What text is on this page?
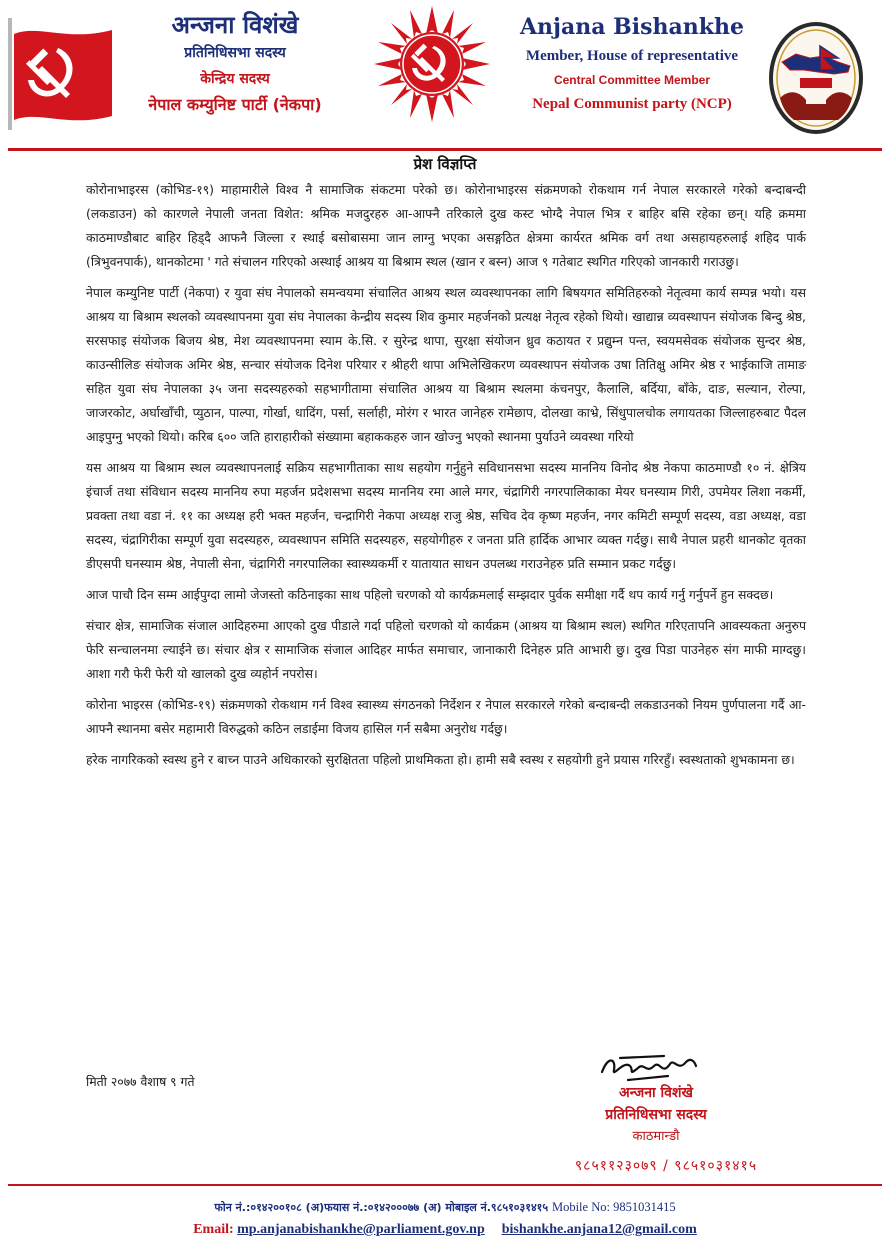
अन्जना विशंखे
प्रतिनिधिसभा सदस्य
केन्द्रिय सदस्य
नेपाल कम्युनिष्ट पार्टी (नेकपा)
Anjana Bishankhe
Member, House of representative
Central Committee Member
Nepal Communist party (NCP)
प्रेश विज्ञप्ति

कोरोनाभाइरस (कोभिड-१९) माहामारीले विश्व नै सामाजिक संकटमा परेको छ। कोरोनाभाइरस संक्रमणको रोकथाम गर्न नेपाल सरकारले गरेको बन्दाबन्दी (लकडाउन) को कारणले नेपाली जनता विशेत: श्रमिक मजदुरहरु आ-आफ्नै तरिकाले दुख कस्ट भोग्दै नेपाल भित्र र बाहिर बसि रहेका छन्। यहि क्रममा काठमाण्डौबाट बाहिर हिड्दै आफनै जिल्ला र स्थाई बसोबासमा जान लाग्नु भएका असङ्गठित क्षेत्रमा कार्यरत श्रमिक वर्ग तथा असहायहरुलाई शहिद पार्क (त्रिभुवनपार्क), थानकोटमा ' गते संचालन गरिएको अस्थाई आश्रय या बिश्राम स्थल (खान र बस्न) आज ९ गतेबाट स्थगित गरिएको जानकारी गराउछु।

नेपाल कम्युनिष्ट पार्टी (नेकपा) र युवा संघ नेपालको समन्वयमा संचालित आश्रय स्थल व्यवस्थापनका लागि बिषयगत समितिहरुको नेतृत्वमा कार्य सम्पन्न भयो। यस आश्रय या बिश्राम स्थलको व्यवस्थापनमा युवा संघ नेपालका केन्द्रीय सदस्य शिव कुमार महर्जनको प्रत्यक्ष नेतृत्व रहेको थियो। खाद्यान्न व्यवस्थापन संयोजक बिन्दु श्रेष्ठ, सरसफाइ संयोजक बिजय श्रेष्ठ, मेश व्यवस्थापनमा स्याम के.सि. र सुरेन्द्र थापा, सुरक्षा संयोजन ध्रुव कठायत र प्रद्युम्न पन्त, स्वयमसेवक संयोजक सुन्दर श्रेष्ठ, काउन्सीलिङ संयोजक अमिर श्रेष्ठ, सन्चार संयोजक दिनेश परियार र श्रीहरी थापा अभिलेखिकरण व्यवस्थापन संयोजक उषा तितिक्षु अमिर श्रेष्ठ र भाईकाजि तामाङ सहित युवा संघ नेपालका ३५ जना सदस्यहरुको सहभागीतामा संचालित आश्रय या बिश्राम स्थलमा कंचनपुर, कैलालि, बर्दिया, बाँके, दाङ, सल्यान, रोल्पा, जाजरकोट, अर्घाखाँची, प्युठान, पाल्पा, गोर्खा, धादिंग, पर्सा, सर्लाही, मोरंग र भारत जानेहरु रामेछाप, दोलखा काभ्रे, सिंधुपालचोक लगायतका जिल्लाहरुबाट पैदल आइपुग्नु भएको थियो। करिब ६०० जति हाराहारीको संख्यामा बहाककहरु जान खोज्नु भएको स्थानमा पुर्याउने व्यवस्था गरियो

यस आश्रय या बिश्राम स्थल व्यवस्थापनलाई सक्रिय सहभागीताका साथ सहयोग गर्नुहुने सविधानसभा सदस्य माननिय विनोद श्रेष्ठ नेकपा काठमाण्डौ १० नं. क्षेत्रिय इंचार्ज तथा संविधान सदस्य माननिय रुपा महर्जन प्रदेशसभा सदस्य माननिय रमा आले मगर, चंद्रागिरी नगरपालिकाका मेयर घनस्याम गिरी, उपमेयर लिशा नकर्मी, प्रवक्ता तथा वडा नं. ११ का अध्यक्ष हरी भक्त महर्जन, चन्द्रागिरी नेकपा अध्यक्ष राजु श्रेष्ठ, सचिव देव कृष्ण महर्जन, नगर कमिटी सम्पूर्ण सदस्य, वडा अध्यक्ष, वडा सदस्य, चंद्रागिरीका सम्पूर्ण युवा सदस्यहरु, व्यवस्थापन समिति सदस्यहरु, सहयोगीहरु र जनता प्रति हार्दिक आभार व्यक्त गर्दछु। साथै नेपाल प्रहरी थानकोट वृतका डीएसपी घनस्याम श्रेष्ठ, नेपाली सेना, चंद्रागिरी नगरपालिका स्वास्थ्यकर्मी र यातायात साधन उपलब्ध गराउनेहरु प्रति सम्मान प्रकट गर्दछु।

आज पाचौ दिन सम्म आईपुग्दा लामो जेजस्तो कठिनाइका साथ पहिलो चरणको यो कार्यक्रमलाई सम्झदार पुर्वक समीक्षा गर्दै थप कार्य गर्नु गर्नुपर्ने हुन सक्दछ।

संचार क्षेत्र, सामाजिक संजाल आदिहरुमा आएको दुख पीडाले गर्दा पहिलो चरणको यो कार्यक्रम (आश्रय या बिश्राम स्थल) स्थगित गरिएतापनि आवस्यकता अनुरुप फेरि सन्चालनमा ल्याईने छ। संचार क्षेत्र र सामाजिक संजाल आदिहर मार्फत समाचार, जानाकारी दिनेहरु प्रति आभारी छु। दुख पिडा पाउनेहरु संग माफी माग्दछु। आशा गरौ फेरी फेरी यो खालको दुख व्यहोर्न नपरोस।

कोरोना भाइरस (कोभिड-१९) संक्रमणको रोकथाम गर्न विश्व स्वास्थ्य संगठनको निर्देशन र नेपाल सरकारले गरेको बन्दाबन्दी लकडाउनको नियम पुर्णपालना गर्दै आ-आफ्नै स्थानमा बसेर महामारी विरुद्धको कठिन लडाईमा विजय हासिल गर्न सबैमा अनुरोध गर्दछु।

हरेक नागरिकको स्वस्थ हुने र बाच्न पाउने अधिकारको सुरक्षितता पहिलो प्राथमिकता हो। हामी सबै स्वस्थ र सहयोगी हुने प्रयास गरिरहुँ। स्वस्थताको शुभकामना छ।

मिती २०७७ वैशाष ९ गते
अन्जना विशंखे
प्रतिनिधिसभा सदस्य
काठमान्डौ
९८५११२३०७९ / ९८५१०३१४१५
फोन नं.:०१४२००१०८ (अ)फयास नं.:०१४२०००७७ (अ) मोबाइल नं.९८५१०३१४१५ Mobile No: 9851031415
Email: mp.anjanabishankhe@parliament.gov.np bishankhe.anjana12@gmail.com
